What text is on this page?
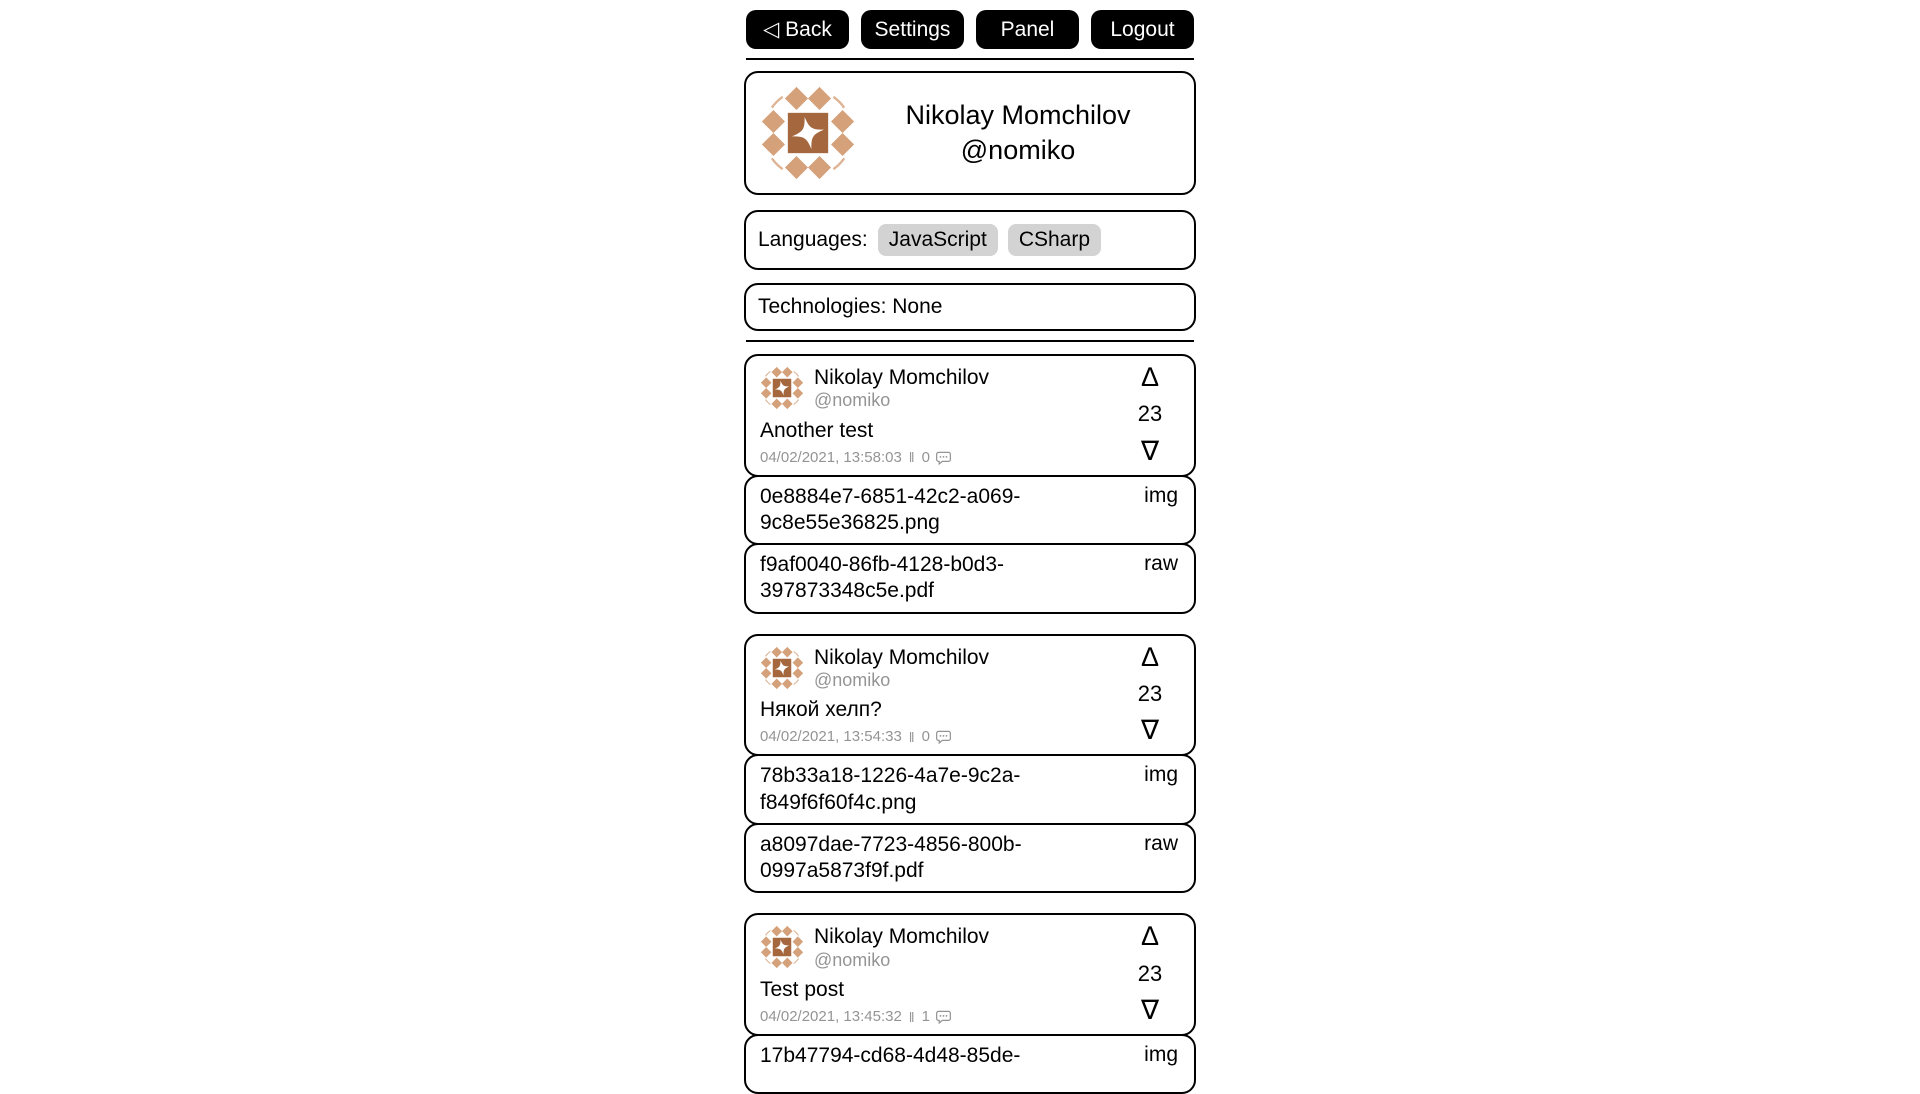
◁ Back	Settings	Panel	Logout
Nikolay Momchilov
@nomiko
Languages:	JavaScript	CSharp
Technologies: None
Nikolay Momchilov
@nomiko
Another test
04/02/2021, 13:58:03 ‖ 0
∆
23
∇
0e8884e7-6851-42c2-a069-9c8e55e36825.png
img
f9af0040-86fb-4128-b0d3-397873348c5e.pdf
raw
Nikolay Momchilov
@nomiko
Някой хелп?
04/02/2021, 13:54:33 ‖ 0
∆
23
∇
78b33a18-1226-4a7e-9c2a-f849f6f60f4c.png
img
a8097dae-7723-4856-800b-0997a5873f9f.pdf
raw
Nikolay Momchilov
@nomiko
Test post
04/02/2021, 13:45:32 ‖ 1
∆
23
∇
17b47794-cd68-4d48-85de-	img
